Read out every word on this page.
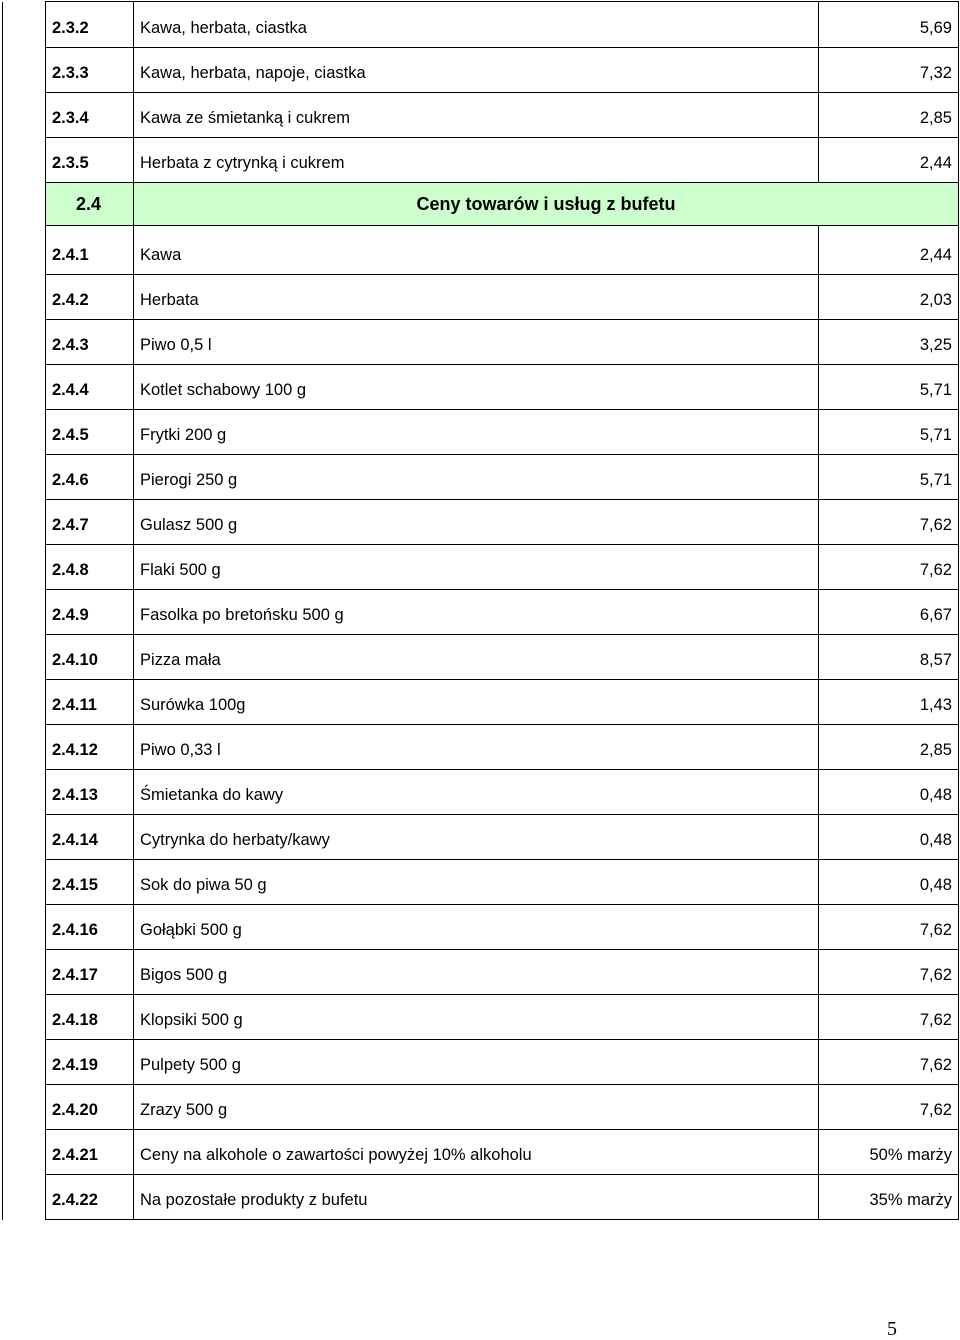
	2.3.2	Kawa, herbata, ciastka	5,69

	2.3.3	Kawa, herbata, napoje, ciastka	7,32

	2.3.4	Kawa ze śmietanką i cukrem	2,85

	2.3.5	Herbata z cytrynką i cukrem	2,44

	2.4	Ceny towarów i usług z bufetu	

	2.4.1	Kawa	2,44

	2.4.2	Herbata	2,03

	2.4.3	Piwo 0,5 l	3,25

	2.4.4	Kotlet schabowy 100 g	5,71

	2.4.5	Frytki 200 g	5,71

	2.4.6	Pierogi 250 g	5,71

	2.4.7	Gulasz 500 g	7,62

	2.4.8	Flaki 500 g	7,62

	2.4.9	Fasolka po bretońsku 500 g	6,67

	2.4.10	Pizza mała	8,57

	2.4.11	Surówka 100g	1,43

	2.4.12	Piwo 0,33 l	2,85

	2.4.13	Śmietanka do kawy	0,48

	2.4.14	Cytrynka do herbaty/kawy	0,48

	2.4.15	Sok do piwa 50 g	0,48

	2.4.16	Gołąbki 500 g	7,62

	2.4.17	Bigos 500 g	7,62

	2.4.18	Klopsiki 500 g	7,62

	2.4.19	Pulpety 500 g	7,62

	2.4.20	Zrazy 500 g	7,62

	2.4.21	Ceny na alkohole o zawartości powyżej 10% alkoholu	50% marży

	2.4.22	Na pozostałe produkty z bufetu	35% marży
5
